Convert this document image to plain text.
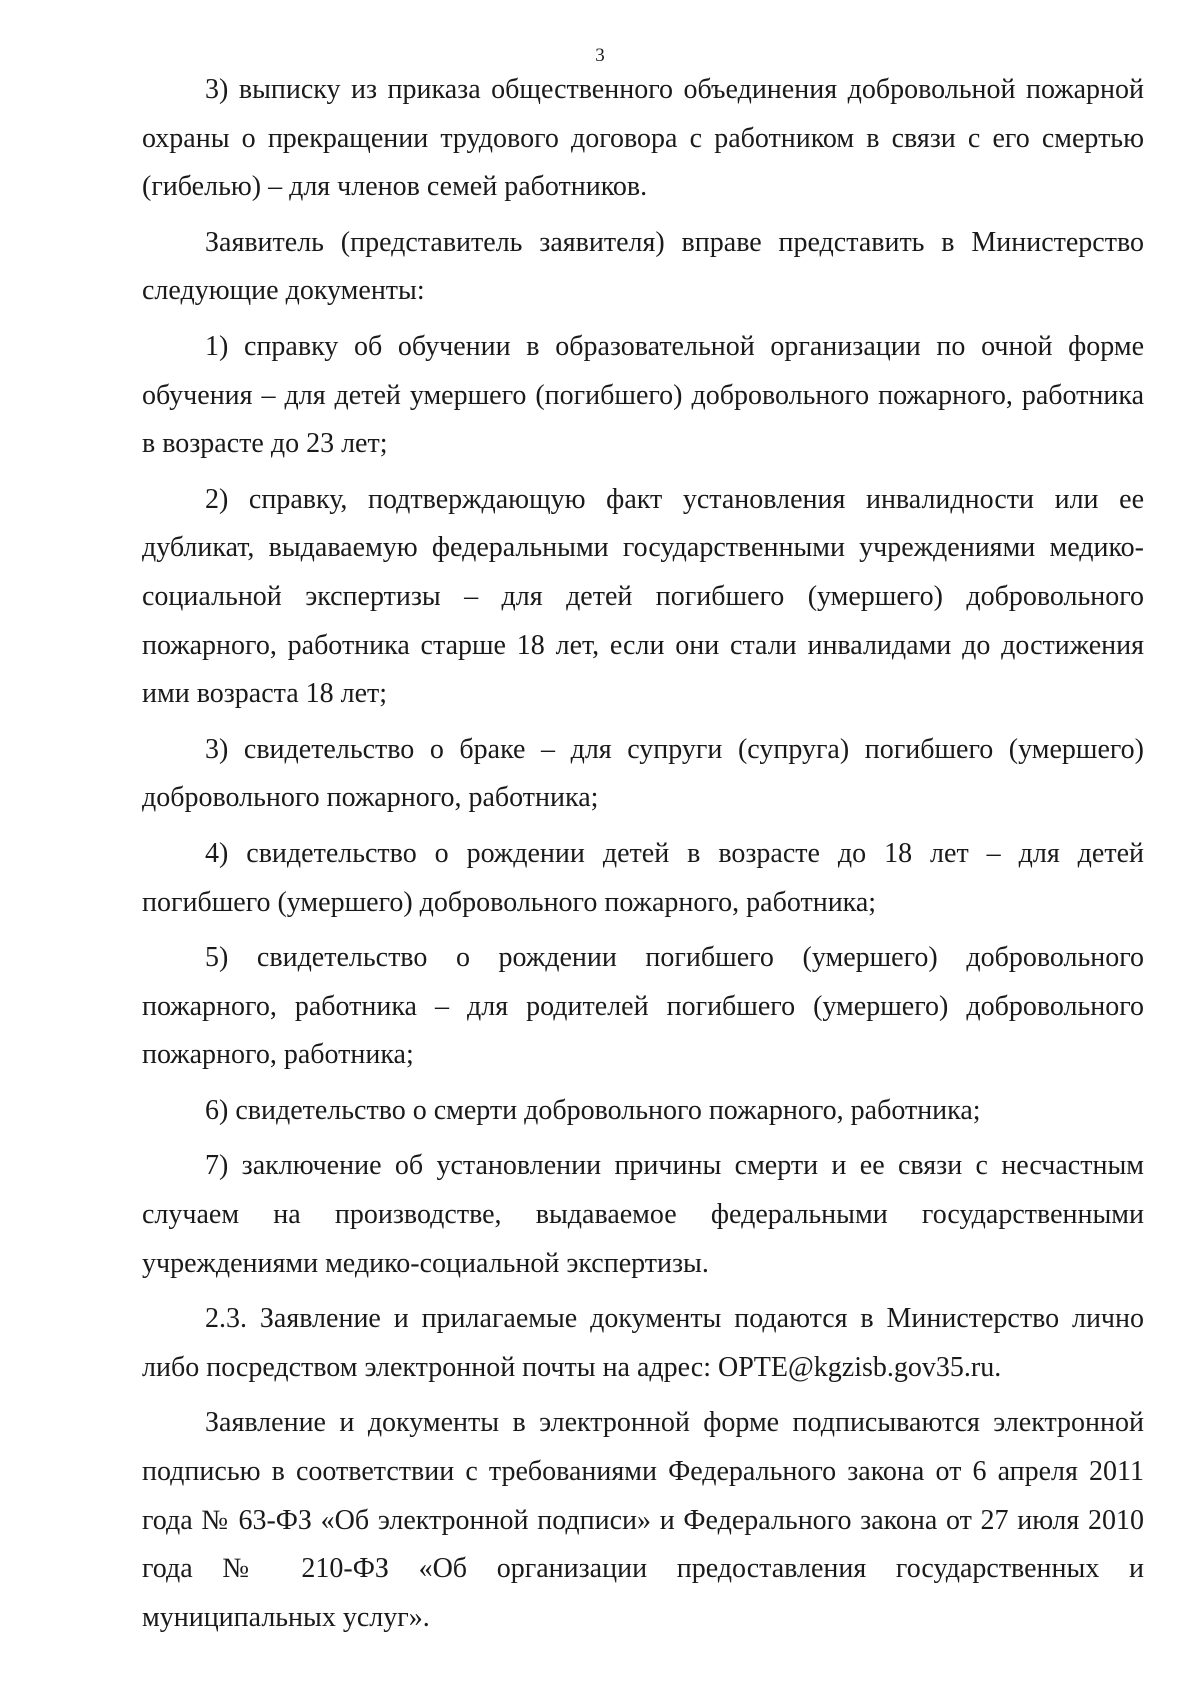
3

3) выписку из приказа общественного объединения добровольной пожарной охраны о прекращении трудового договора с работником в связи с его смертью (гибелью) – для членов семей работников.

Заявитель (представитель заявителя) вправе представить в Министерство следующие документы:

1) справку об обучении в образовательной организации по очной форме обучения – для детей умершего (погибшего) добровольного пожарного, работника в возрасте до 23 лет;

2) справку, подтверждающую факт установления инвалидности или ее дубликат, выдаваемую федеральными государственными учреждениями медико-социальной экспертизы – для детей погибшего (умершего) добровольного пожарного, работника старше 18 лет, если они стали инвалидами до достижения ими возраста 18 лет;

3) свидетельство о браке – для супруги (супруга) погибшего (умершего) добровольного пожарного, работника;

4) свидетельство о рождении детей в возрасте до 18 лет – для детей погибшего (умершего) добровольного пожарного, работника;

5) свидетельство о рождении погибшего (умершего) добровольного пожарного, работника – для родителей погибшего (умершего) добровольного пожарного, работника;

6) свидетельство о смерти добровольного пожарного, работника;

7) заключение об установлении причины смерти и ее связи с несчастным случаем на производстве, выдаваемое федеральными государственными учреждениями медико-социальной экспертизы.

2.3. Заявление и прилагаемые документы подаются в Министерство лично либо посредством электронной почты на адрес: OPTE@kgzisb.gov35.ru.

Заявление и документы в электронной форме подписываются электронной подписью в соответствии с требованиями Федерального закона от 6 апреля 2011 года № 63-ФЗ «Об электронной подписи» и Федерального закона от 27 июля 2010 года № 210-ФЗ «Об организации предоставления государственных и муниципальных услуг».
